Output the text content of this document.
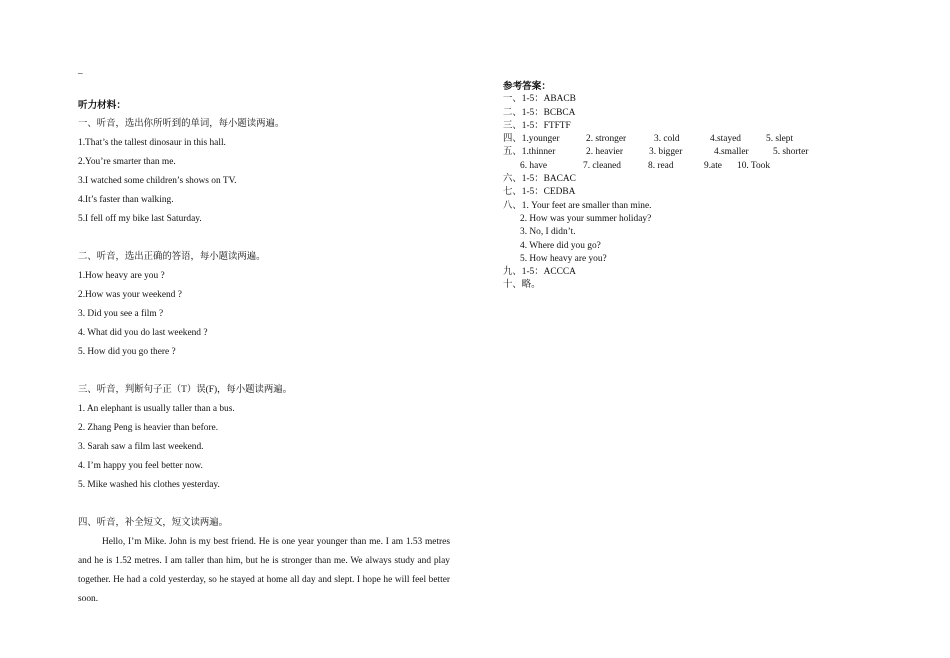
–
听力材料：
一、听音，选出你所听到的单词，每小题读两遍。
1.That’s the tallest dinosaur in this hall.
2.You’re smarter than me.
3.I watched some children’s shows on TV.
4.It’s faster than walking.
5.I fell off my bike last Saturday.
二、听音，选出正确的答语，每小题读两遍。
1.How heavy are you ?
2.How was your weekend ?
3. Did you see a film ?
4. What did you do last weekend ?
5. How did you go there ?
三、听音，判断句子正（T）误(F)，每小题读两遍。
1. An elephant is usually taller than a bus.
2. Zhang Peng is heavier than before.
3. Sarah saw a film last weekend.
4. I’m happy you feel better now.
5. Mike washed his clothes yesterday.
四、听音，补全短文，短文读两遍。
Hello, I’m Mike. John is my best friend. He is one year younger than me. I am 1.53 metres and he is 1.52 metres. I am taller than him, but he is stronger than me. We always study and play together. He had a cold yesterday, so he stayed at home all day and slept. I hope he will feel better soon.
参考答案：
一、1-5：ABACB
二、1-5：BCBCA
三、1-5：FTFTF
四、1.younger	2. stronger	3. cold	4.stayed	5. slept
五、1.thinner	2. heavier	3. bigger	4.smaller	5. shorter
6. have	7. cleaned	8. read	9.ate	10. Took
六、1-5：BACAC
七、1-5：CEDBA
八、1. Your feet are smaller than mine.
2. How was your summer holiday?
3. No, I didn’t.
4. Where did you go?
5. How heavy are you?
九、1-5：ACCCA
十、略。
